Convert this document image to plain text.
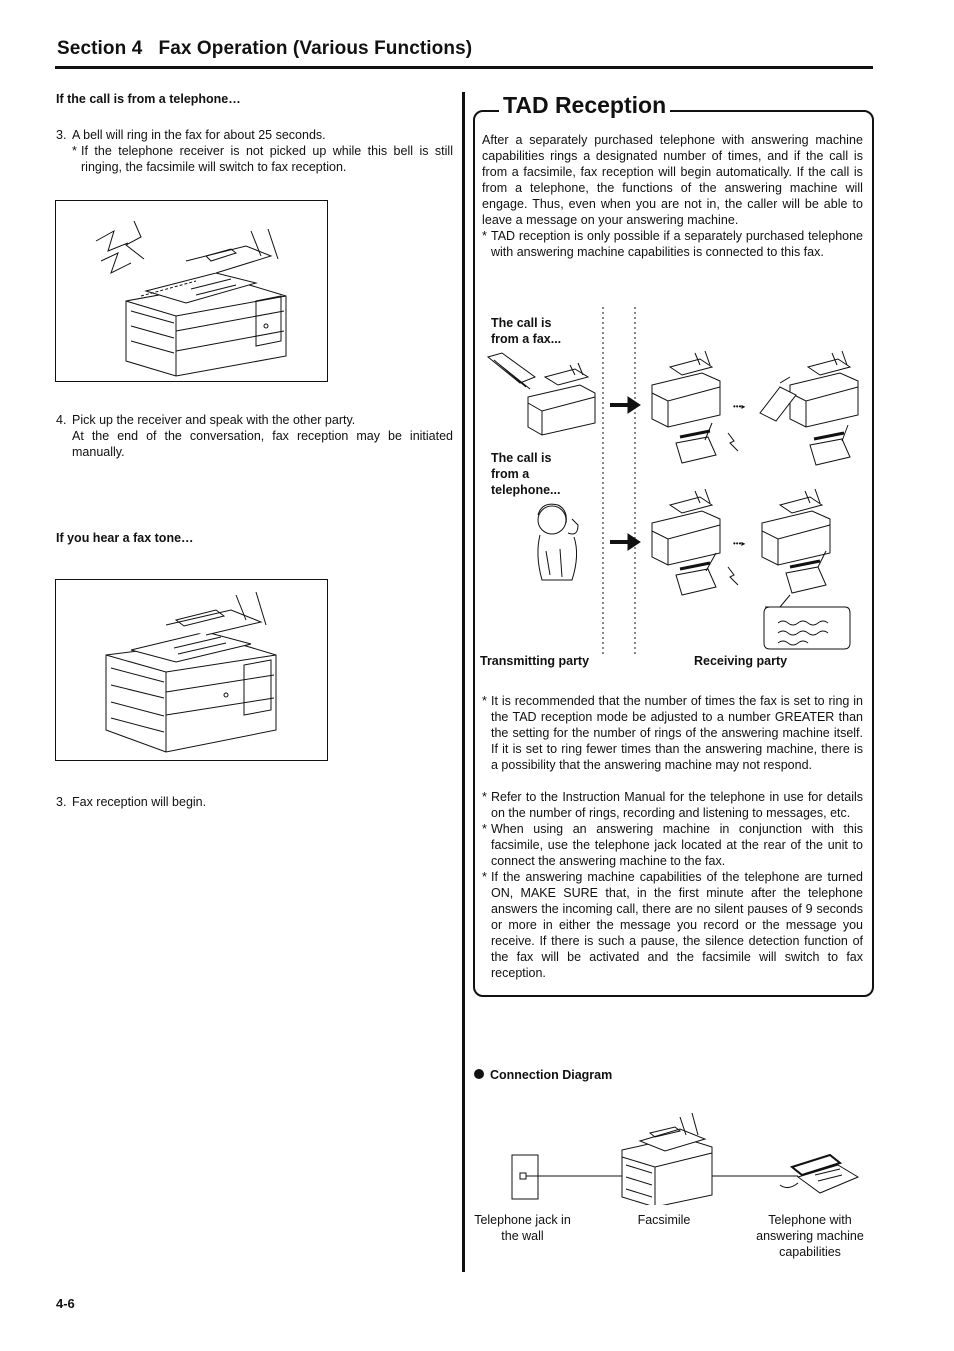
Section 4   Fax Operation (Various Functions)
If the call is from a telephone…
3. A bell will ring in the fax for about 25 seconds.
* If the telephone receiver is not picked up while this bell is still ringing, the facsimile will switch to fax reception.
4. Pick up the receiver and speak with the other party.
At the end of the conversation, fax reception may be initiated manually.
If you hear a fax tone…
3. Fax reception will begin.
TAD Reception
After a separately purchased telephone with answering machine capabilities rings a designated number of times, and if the call is from a facsimile, fax reception will begin automatically. If the call is from a telephone, the functions of the answering machine will engage. Thus, even when you are not in, the caller will be able to leave a message on your answering machine.
* TAD reception is only possible if a separately purchased telephone with answering machine capabilities is connected to this fax.
The call is from a fax...
The call is from a telephone...
•••▸
•••▸
Transmitting party	Receiving party
* It is recommended that the number of times the fax is set to ring in the TAD reception mode be adjusted to a number GREATER than the setting for the number of rings of the answering machine itself. If it is set to ring fewer times than the answering machine, there is a possibility that the answering machine may not respond.
* Refer to the Instruction Manual for the telephone in use for details on the number of rings, recording and listening to messages, etc.
* When using an answering machine in conjunction with this facsimile, use the telephone jack located at the rear of the unit to connect the answering machine to the fax.
* If the answering machine capabilities of the telephone are turned ON, MAKE SURE that, in the first minute after the telephone answers the incoming call, there are no silent pauses of 9 seconds or more in either the message you record or the message you receive. If there is such a pause, the silence detection function of the fax will be activated and the facsimile will switch to fax reception.
Connection Diagram
Telephone jack in the wall
Facsimile	Telephone with answering machine capabilities
4-6
